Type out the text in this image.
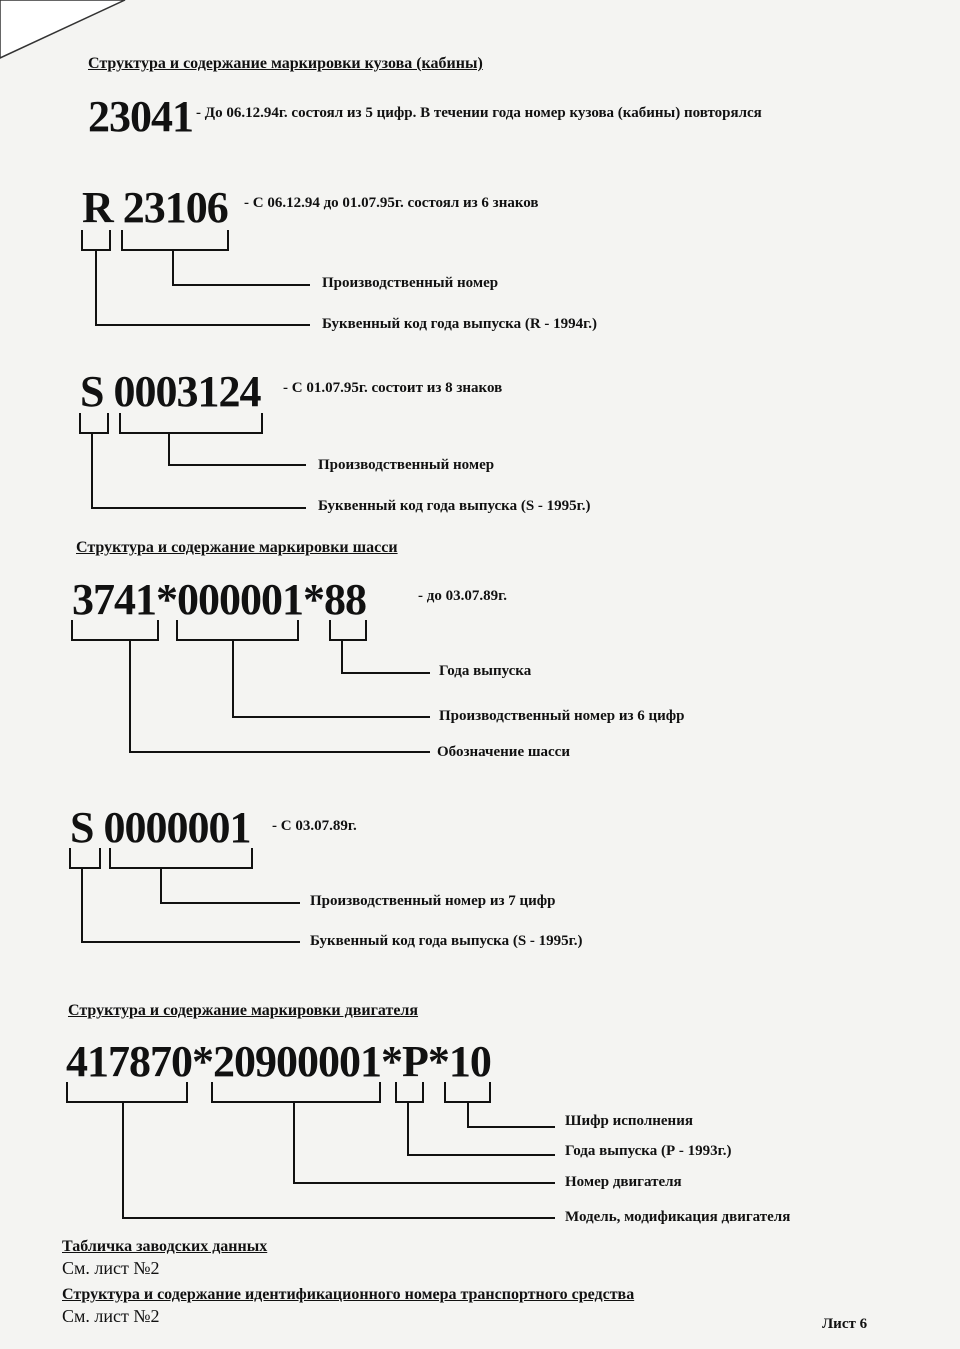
Структура и содержание маркировки кузова (кабины)
23041 - До 06.12.94г. состоял из 5 цифр. В течении года номер кузова (кабины) повторялся
R 23106 - С 06.12.94 до 01.07.95г. состоял из 6 знаков
Производственный номер
Буквенный код года выпуска (R - 1994г.)
S 0003124 - С 01.07.95г. состоит из 8 знаков
Производственный номер
Буквенный код года выпуска (S - 1995г.)
Структура и содержание маркировки шасси
3741*000001*88	- до 03.07.89г.
Года выпуска
Производственный номер из 6 цифр
Обозначение шасси
S 0000001 - С 03.07.89г.
Производственный номер из 7 цифр
Буквенный код года выпуска (S - 1995г.)
Структура и содержание маркировки двигателя
417870*20900001*P*10
Шифр исполнения
Года выпуска (Р - 1993г.)
Номер двигателя
Модель, модификация двигателя
Табличка заводских данных
См. лист №2
Структура и содержание идентификационного номера транспортного средства
См. лист №2	Лист 6
